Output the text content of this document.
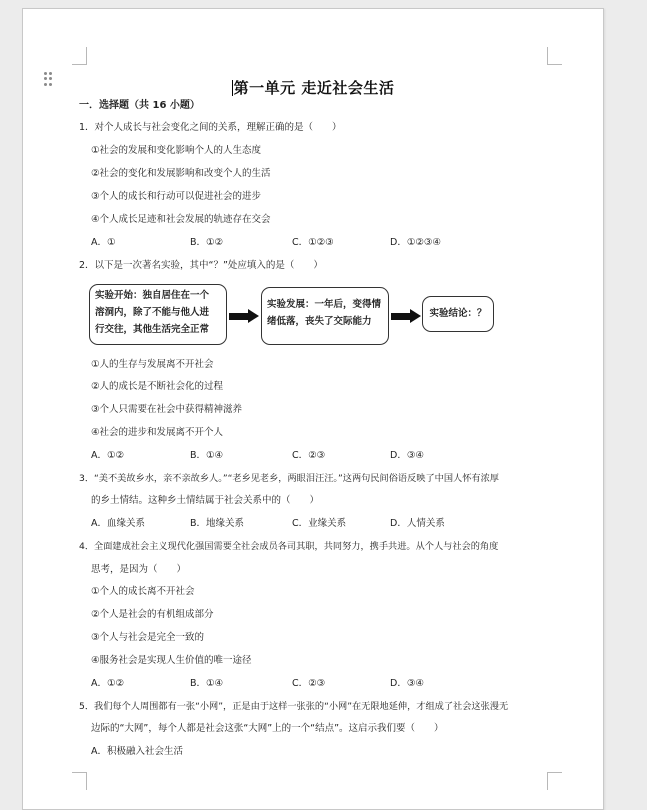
第一单元 走近社会生活
一．选择题（共 16 小题）
1．对个人成长与社会变化之间的关系，理解正确的是（　　）
①社会的发展和变化影响个人的人生态度
②社会的变化和发展影响和改变个人的生活
③个人的成长和行动可以促进社会的进步
④个人成长足迹和社会发展的轨迹存在交会
A．①	B．①②	C．①②③	D．①②③④
2．以下是一次著名实验，其中“？”处应填入的是（　　）
实验开始：独自居住在一个
溶洞内，除了不能与他人进
行交往，其他生活完全正常
实验发展：一年后，变得情
绪低落，丧失了交际能力
实验结论：？
①人的生存与发展离不开社会
②人的成长是不断社会化的过程
③个人只需要在社会中获得精神滋养
④社会的进步和发展离不开个人
A．①②	B．①④	C．②③	D．③④
3．“美不美故乡水，亲不亲故乡人。”“老乡见老乡，两眼泪汪汪。”这两句民间俗语反映了中国人怀有浓厚
的乡土情结。这种乡土情结属于社会关系中的（　　）
A．血缘关系	B．地缘关系	C．业缘关系	D．人情关系
4．全面建成社会主义现代化强国需要全社会成员各司其职，共同努力，携手共进。从个人与社会的角度
思考，是因为（　　）
①个人的成长离不开社会
②个人是社会的有机组成部分
③个人与社会是完全一致的
④服务社会是实现人生价值的唯一途径
A．①②	B．①④	C．②③	D．③④
5．我们每个人周围都有一张“小网”，正是由于这样一张张的“小网”在无限地延伸，才组成了社会这张漫无
边际的“大网”，每个人都是社会这张“大网”上的一个“结点”。这启示我们要（　　）
A．积极融入社会生活
